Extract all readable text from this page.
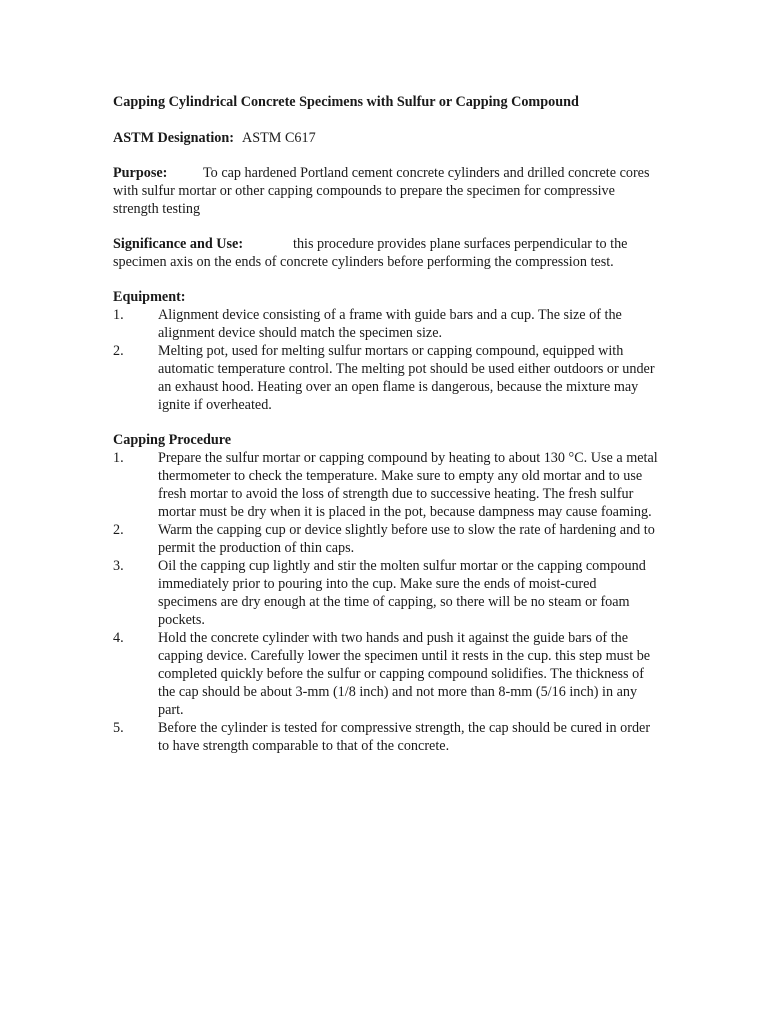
Capping Cylindrical Concrete Specimens with Sulfur or Capping Compound

ASTM Designation: ASTM C617

Purpose:	To cap hardened Portland cement concrete cylinders and drilled concrete cores with sulfur mortar or other capping compounds to prepare the specimen for compressive strength testing

Significance and Use:	this procedure provides plane surfaces perpendicular to the specimen axis on the ends of concrete cylinders before performing the compression test.

Equipment:

1.	Alignment device consisting of a frame with guide bars and a cup. The size of the alignment device should match the specimen size.
2.	Melting pot, used for melting sulfur mortars or capping compound, equipped with automatic temperature control. The melting pot should be used either outdoors or under an exhaust hood. Heating over an open flame is dangerous, because the mixture may ignite if overheated.

Capping Procedure

1.	Prepare the sulfur mortar or capping compound by heating to about 130 °C. Use a metal thermometer to check the temperature. Make sure to empty any old mortar and to use fresh mortar to avoid the loss of strength due to successive heating. The fresh sulfur mortar must be dry when it is placed in the pot, because dampness may cause foaming.
2.	Warm the capping cup or device slightly before use to slow the rate of hardening and to permit the production of thin caps.
3.	Oil the capping cup lightly and stir the molten sulfur mortar or the capping compound immediately prior to pouring into the cup. Make sure the ends of moist-cured specimens are dry enough at the time of capping, so there will be no steam or foam pockets.
4.	Hold the concrete cylinder with two hands and push it against the guide bars of the capping device. Carefully lower the specimen until it rests in the cup. this step must be completed quickly before the sulfur or capping compound solidifies. The thickness of the cap should be about 3-mm (1/8 inch) and not more than 8-mm (5/16 inch) in any part.
5.	Before the cylinder is tested for compressive strength, the cap should be cured in order to have strength comparable to that of the concrete.
